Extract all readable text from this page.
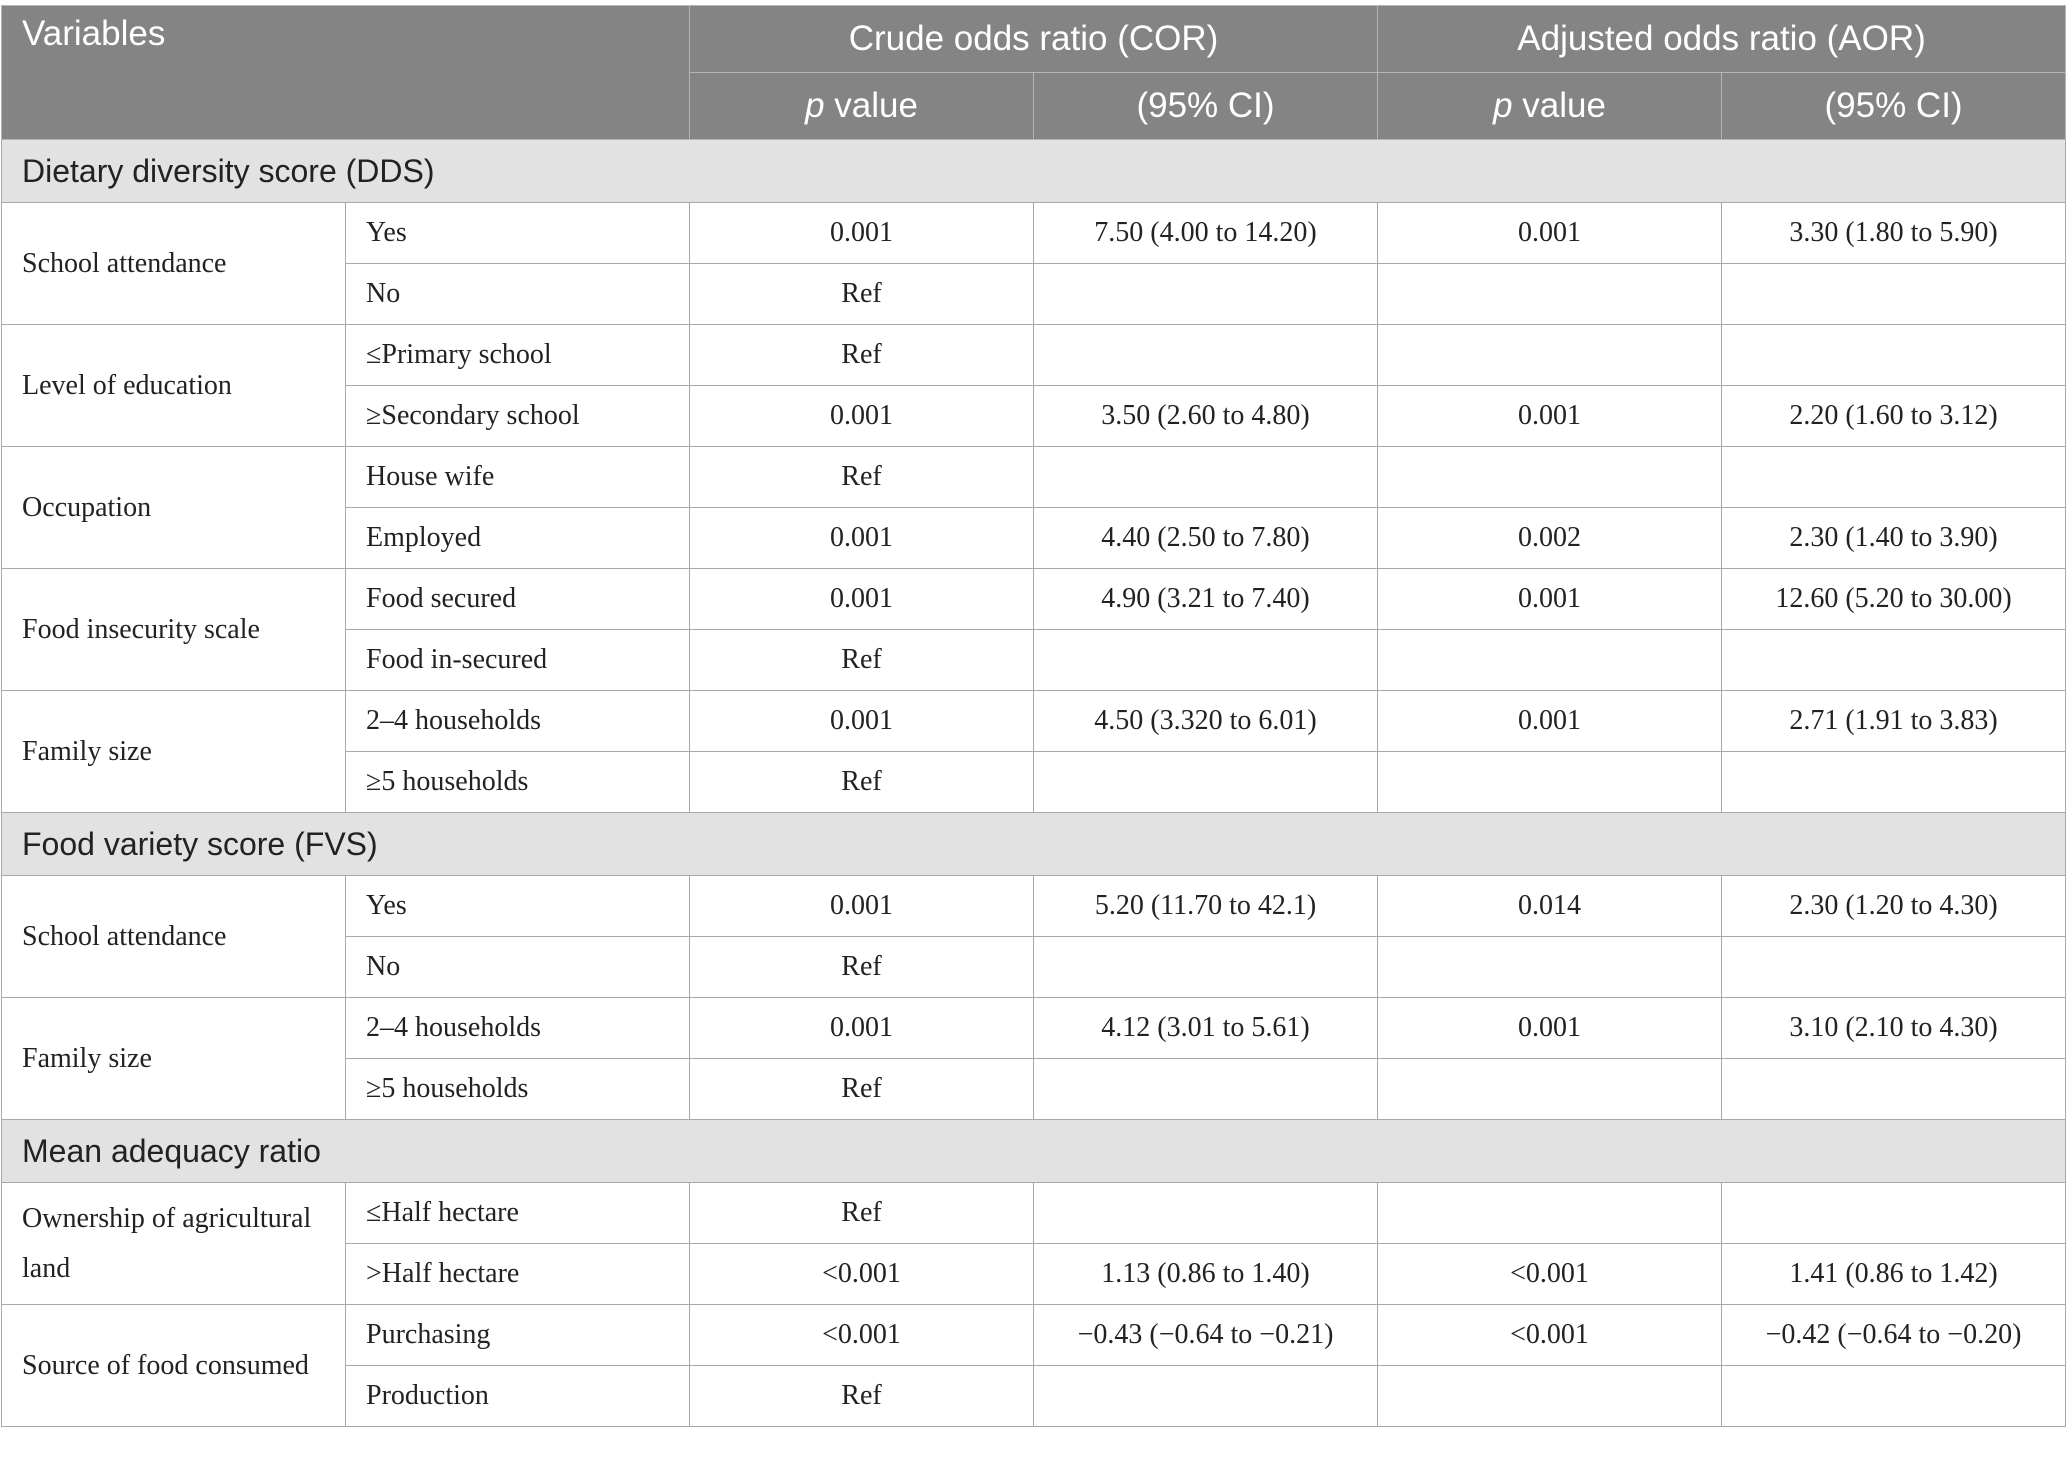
Variables		Crude odds ratio (COR)		Adjusted odds ratio (AOR)	
		p value	(95% CI)	p value	(95% CI)
Dietary diversity score (DDS)					
School attendance	Yes	0.001	7.50 (4.00 to 14.20)	0.001	3.30 (1.80 to 5.90)
	No	Ref			
Level of education	≤Primary school	Ref			
	≥Secondary school	0.001	3.50 (2.60 to 4.80)	0.001	2.20 (1.60 to 3.12)
Occupation	House wife	Ref			
	Employed	0.001	4.40 (2.50 to 7.80)	0.002	2.30 (1.40 to 3.90)
Food insecurity scale	Food secured	0.001	4.90 (3.21 to 7.40)	0.001	12.60 (5.20 to 30.00)
	Food in-secured	Ref			
Family size	2–4 households	0.001	4.50 (3.320 to 6.01)	0.001	2.71 (1.91 to 3.83)
	≥5 households	Ref			
Food variety score (FVS)					
School attendance	Yes	0.001	5.20 (11.70 to 42.1)	0.014	2.30 (1.20 to 4.30)
	No	Ref			
Family size	2–4 households	0.001	4.12 (3.01 to 5.61)	0.001	3.10 (2.10 to 4.30)
	≥5 households	Ref			
Mean adequacy ratio					
Ownership of agricultural land	≤Half hectare	Ref			
	>Half hectare	<0.001	1.13 (0.86 to 1.40)	<0.001	1.41 (0.86 to 1.42)
Source of food consumed	Purchasing	<0.001	−0.43 (−0.64 to −0.21)	<0.001	−0.42 (−0.64 to −0.20)
	Production	Ref			
